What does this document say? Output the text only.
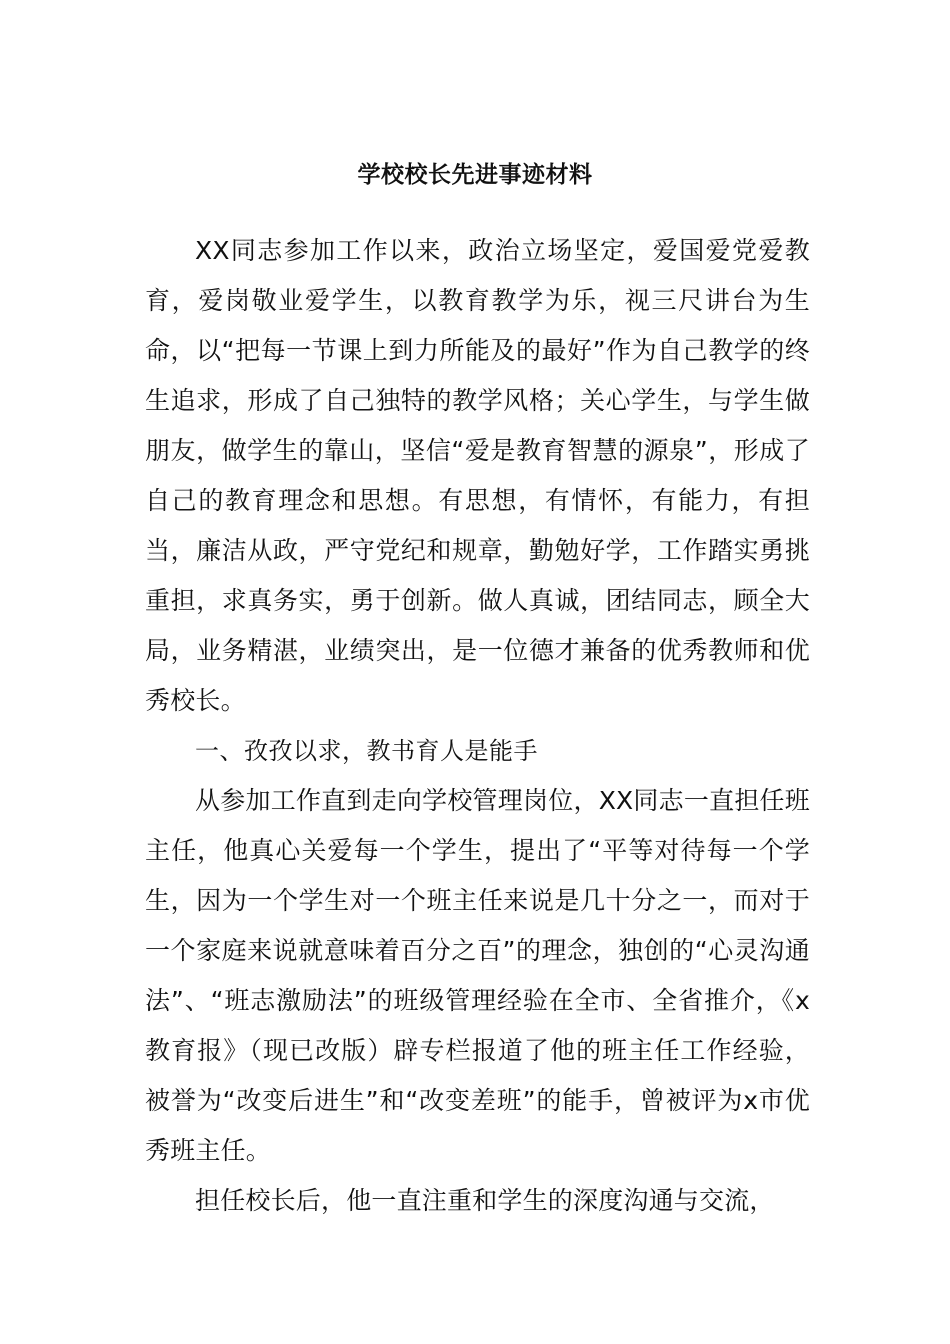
学校校长先进事迹材料

XX同志参加工作以来，政治立场坚定，爱国爱党爱教育，爱岗敬业爱学生，以教育教学为乐，视三尺讲台为生命，以“把每一节课上到力所能及的最好”作为自己教学的终生追求，形成了自己独特的教学风格；关心学生，与学生做朋友，做学生的靠山，坚信“爱是教育智慧的源泉”，形成了自己的教育理念和思想。有思想，有情怀，有能力，有担当，廉洁从政，严守党纪和规章，勤勉好学，工作踏实勇挑重担，求真务实，勇于创新。做人真诚，团结同志，顾全大局，业务精湛，业绩突出，是一位德才兼备的优秀教师和优秀校长。

一、孜孜以求，教书育人是能手

从参加工作直到走向学校管理岗位，XX同志一直担任班主任，他真心关爱每一个学生，提出了“平等对待每一个学生，因为一个学生对一个班主任来说是几十分之一，而对于一个家庭来说就意味着百分之百”的理念，独创的“心灵沟通法”、“班志激励法”的班级管理经验在全市、全省推介，《x教育报》（现已改版）辟专栏报道了他的班主任工作经验，被誉为“改变后进生”和“改变差班”的能手，曾被评为x市优秀班主任。

担任校长后，他一直注重和学生的深度沟通与交流，
